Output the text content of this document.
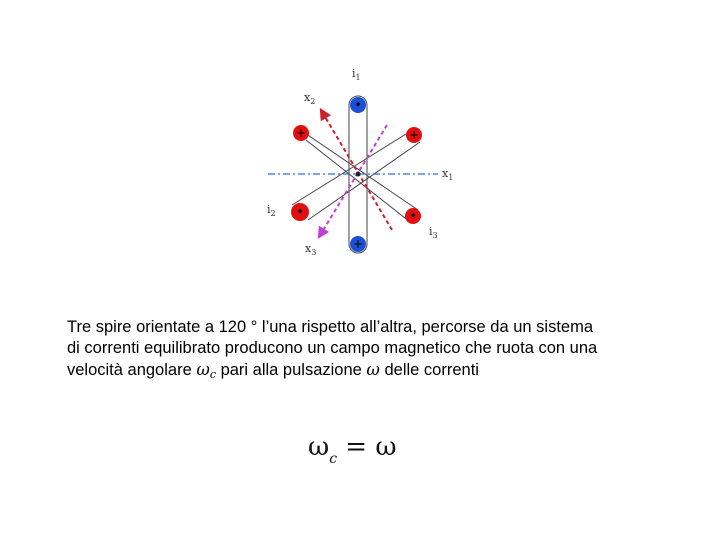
•
+
+	+
•	•
$i_1$
$x_2$
$x_1$
$i_2$
$i_3$
$x_3$

Tre spire orientate a 120 ° l’una rispetto all’altra, percorse da un sistema
di correnti equilibrato producono un campo magnetico che ruota con una
velocità angolare $\omega_c$ pari alla pulsazione ω delle correnti

$\omega_c = \omega$
